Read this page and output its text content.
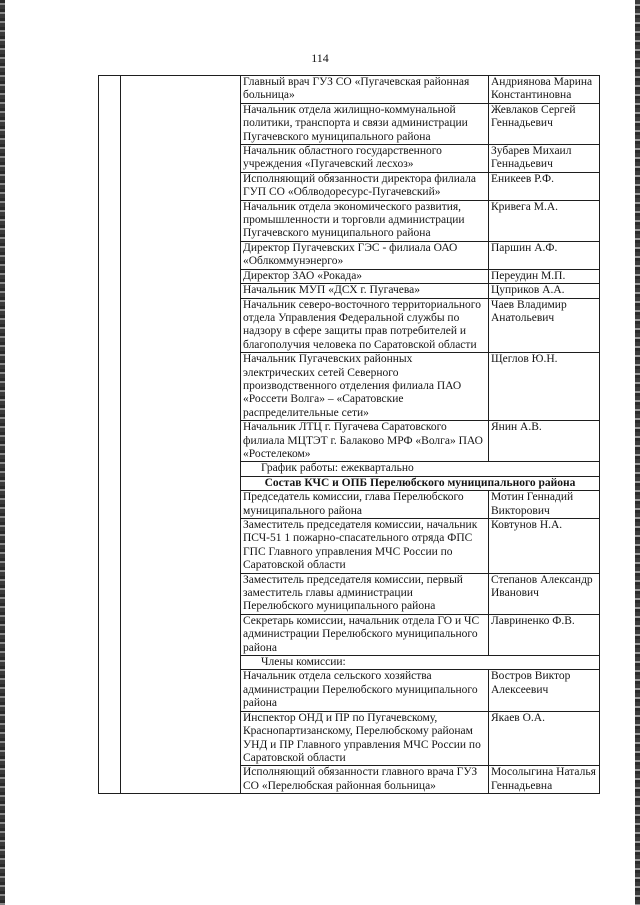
114
		Главный врач ГУЗ СО «Пугачевская районная больница»	Андриянова Марина Константиновна
		Начальник отдела жилищно-коммунальной политики, транспорта и связи администрации Пугачевского муниципального района	Жевлаков Сергей Геннадьевич
		Начальник областного государственного учреждения «Пугачевский лесхоз»	Зубарев Михаил Геннадьевич
		Исполняющий обязанности директора филиала ГУП СО «Облводоресурс-Пугачевский»	Еникеев Р.Ф.
		Начальник отдела экономического развития, промышленности и торговли администрации Пугачевского муниципального района	Кривега М.А.
		Директор Пугачевских ГЭС - филиала ОАО «Облкоммунэнерго»	Паршин А.Ф.
		Директор ЗАО «Рокада»	Переудин М.П.
		Начальник МУП «ДСХ г. Пугачева»	Цуприков А.А.
		Начальник северо-восточного территориального отдела Управления Федеральной службы по надзору в сфере защиты прав потребителей и благополучия человека по Саратовской области	Чаев Владимир Анатольевич
		Начальник Пугачевских районных электрических сетей Северного производственного отделения филиала ПАО «Россети Волга» – «Саратовские распределительные сети»	Щеглов Ю.Н.
		Начальник ЛТЦ г. Пугачева Саратовского филиала МЦТЭТ г. Балаково МРФ «Волга» ПАО «Ростелеком»	Янин А.В.
		График работы: ежеквартально	
		Состав КЧС и ОПБ Перелюбского муниципального района	
		Председатель комиссии, глава Перелюбского муниципального района	Мотин Геннадий Викторович
		Заместитель председателя комиссии, начальник ПСЧ-51 1 пожарно-спасательного отряда ФПС ГПС Главного управления МЧС России по Саратовской области	Ковтунов Н.А.
		Заместитель председателя комиссии, первый заместитель главы администрации Перелюбского муниципального района	Степанов Александр Иванович
		Секретарь комиссии, начальник отдела ГО и ЧС администрации Перелюбского муниципального района	Лавриненко Ф.В.
		Члены комиссии:	
		Начальник отдела сельского хозяйства администрации Перелюбского муниципального района	Востров Виктор Алексеевич
		Инспектор ОНД и ПР по Пугачевскому, Краснопартизанскому, Перелюбскому районам УНД и ПР Главного управления МЧС России по Саратовской области	Якаев О.А.
		Исполняющий обязанности главного врача ГУЗ СО «Перелюбская районная больница»	Мосолыгина Наталья Геннадьевна
